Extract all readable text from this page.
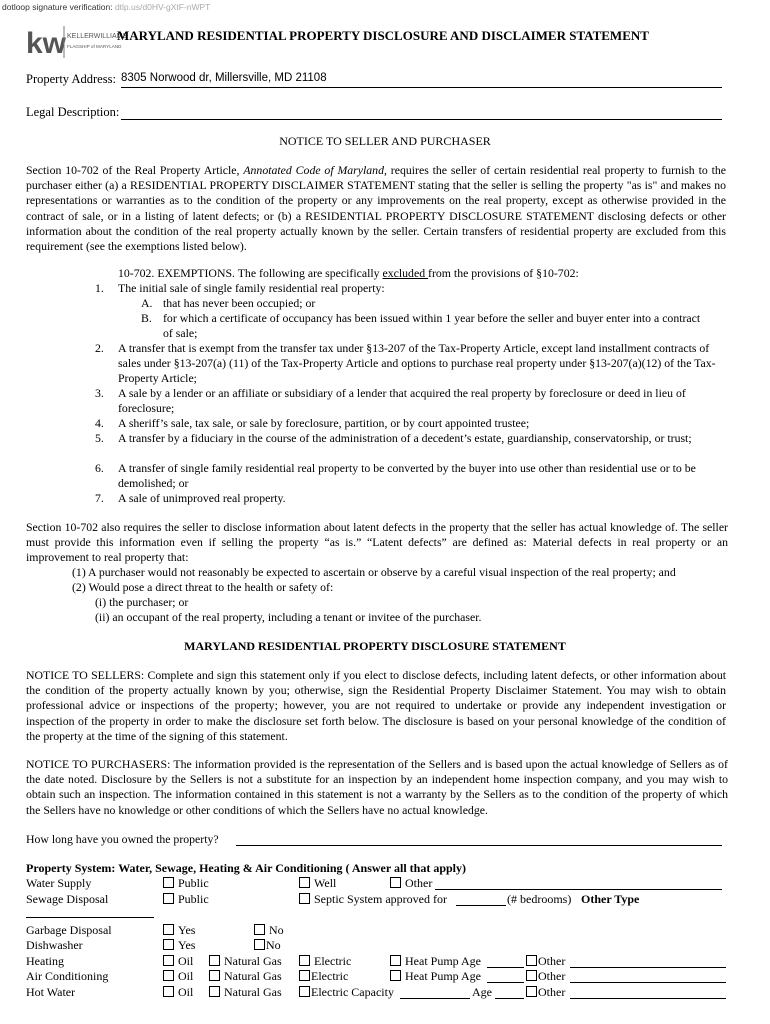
dotloop signature verification: dtlp.us/d0HV-gXtF-nWPT
kw KELLERWILLIAMS
FLAGSHIP of MARYLAND
MARYLAND RESIDENTIAL PROPERTY DISCLOSURE AND DISCLAIMER STATEMENT
Property Address: 8305 Norwood dr, Millersville, MD 21108
Legal Description:
NOTICE TO SELLER AND PURCHASER
Section 10-702 of the Real Property Article, Annotated Code of Maryland, requires the seller of certain residential real property to furnish to the purchaser either (a) a RESIDENTIAL PROPERTY DISCLAIMER STATEMENT stating that the seller is selling the property "as is" and makes no representations or warranties as to the condition of the property or any improvements on the real property, except as otherwise provided in the contract of sale, or in a listing of latent defects; or (b) a RESIDENTIAL PROPERTY DISCLOSURE STATEMENT disclosing defects or other information about the condition of the real property actually known by the seller. Certain transfers of residential property are excluded from this requirement (see the exemptions listed below).
10-702. EXEMPTIONS. The following are specifically excluded from the provisions of §10-702:
1. The initial sale of single family residential real property:
A. that has never been occupied; or
B. for which a certificate of occupancy has been issued within 1 year before the seller and buyer enter into a contract of sale;
2. A transfer that is exempt from the transfer tax under §13-207 of the Tax-Property Article, except land installment contracts of sales under §13-207(a) (11) of the Tax-Property Article and options to purchase real property under §13-207(a)(12) of the Tax-Property Article;
3. A sale by a lender or an affiliate or subsidiary of a lender that acquired the real property by foreclosure or deed in lieu of foreclosure;
4. A sheriff’s sale, tax sale, or sale by foreclosure, partition, or by court appointed trustee;
5. A transfer by a fiduciary in the course of the administration of a decedent’s estate, guardianship, conservatorship, or trust;
6. A transfer of single family residential real property to be converted by the buyer into use other than residential use or to be demolished; or
7. A sale of unimproved real property.
Section 10-702 also requires the seller to disclose information about latent defects in the property that the seller has actual knowledge of. The seller must provide this information even if selling the property “as is.” “Latent defects” are defined as: Material defects in real property or an improvement to real property that:
(1) A purchaser would not reasonably be expected to ascertain or observe by a careful visual inspection of the real property; and
(2) Would pose a direct threat to the health or safety of:
(i) the purchaser; or
(ii) an occupant of the real property, including a tenant or invitee of the purchaser.
MARYLAND RESIDENTIAL PROPERTY DISCLOSURE STATEMENT
NOTICE TO SELLERS: Complete and sign this statement only if you elect to disclose defects, including latent defects, or other information about the condition of the property actually known by you; otherwise, sign the Residential Property Disclaimer Statement. You may wish to obtain professional advice or inspections of the property; however, you are not required to undertake or provide any independent investigation or inspection of the property in order to make the disclosure set forth below. The disclosure is based on your personal knowledge of the condition of the property at the time of the signing of this statement.
NOTICE TO PURCHASERS: The information provided is the representation of the Sellers and is based upon the actual knowledge of Sellers as of the date noted. Disclosure by the Sellers is not a substitute for an inspection by an independent home inspection company, and you may wish to obtain such an inspection. The information contained in this statement is not a warranty by the Sellers as to the condition of the property of which the Sellers have no knowledge or other conditions of which the Sellers have no actual knowledge.
How long have you owned the property?
Property System: Water, Sewage, Heating & Air Conditioning ( Answer all that apply)
Water Supply	Public	Well	Other
Sewage Disposal	Public	Septic System approved for	(# bedrooms) Other Type
Garbage Disposal	Yes	No
Dishwasher	Yes	No
Heating	Oil	Natural Gas	Electric	Heat Pump Age	Other
Air Conditioning	Oil	Natural Gas	Electric	Heat Pump Age	Other
Hot Water	Oil	Natural Gas	Electric Capacity	Age	Other
